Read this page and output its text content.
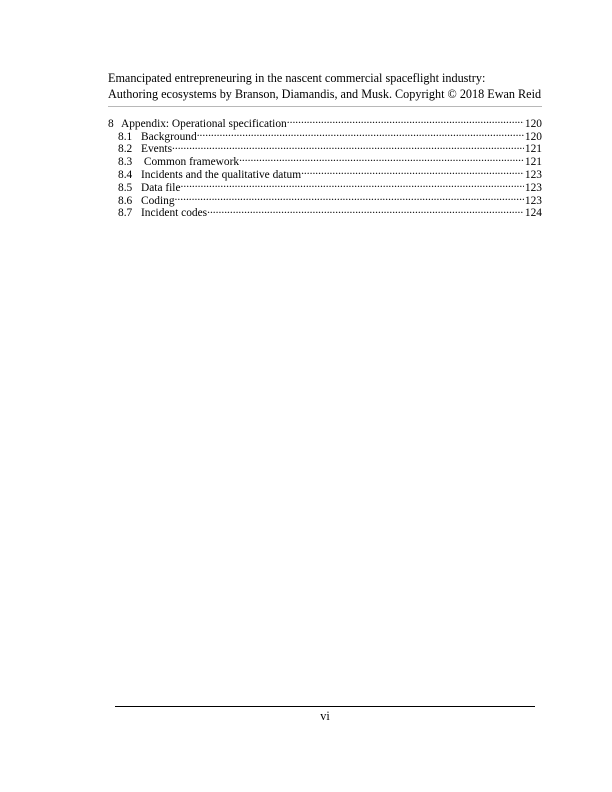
Emancipated entrepreneuring in the nascent commercial spaceflight industry:
Authoring ecosystems by Branson, Diamandis, and Musk. Copyright © 2018 Ewan Reid
8 Appendix: Operational specification .....	120
8.1 Background .....	120
8.2 Events .....	121
8.3 Common framework .....	121
8.4 Incidents and the qualitative datum .....	123
8.5 Data file .....	123
8.6 Coding .....	123
8.7 Incident codes .....	124
vi
